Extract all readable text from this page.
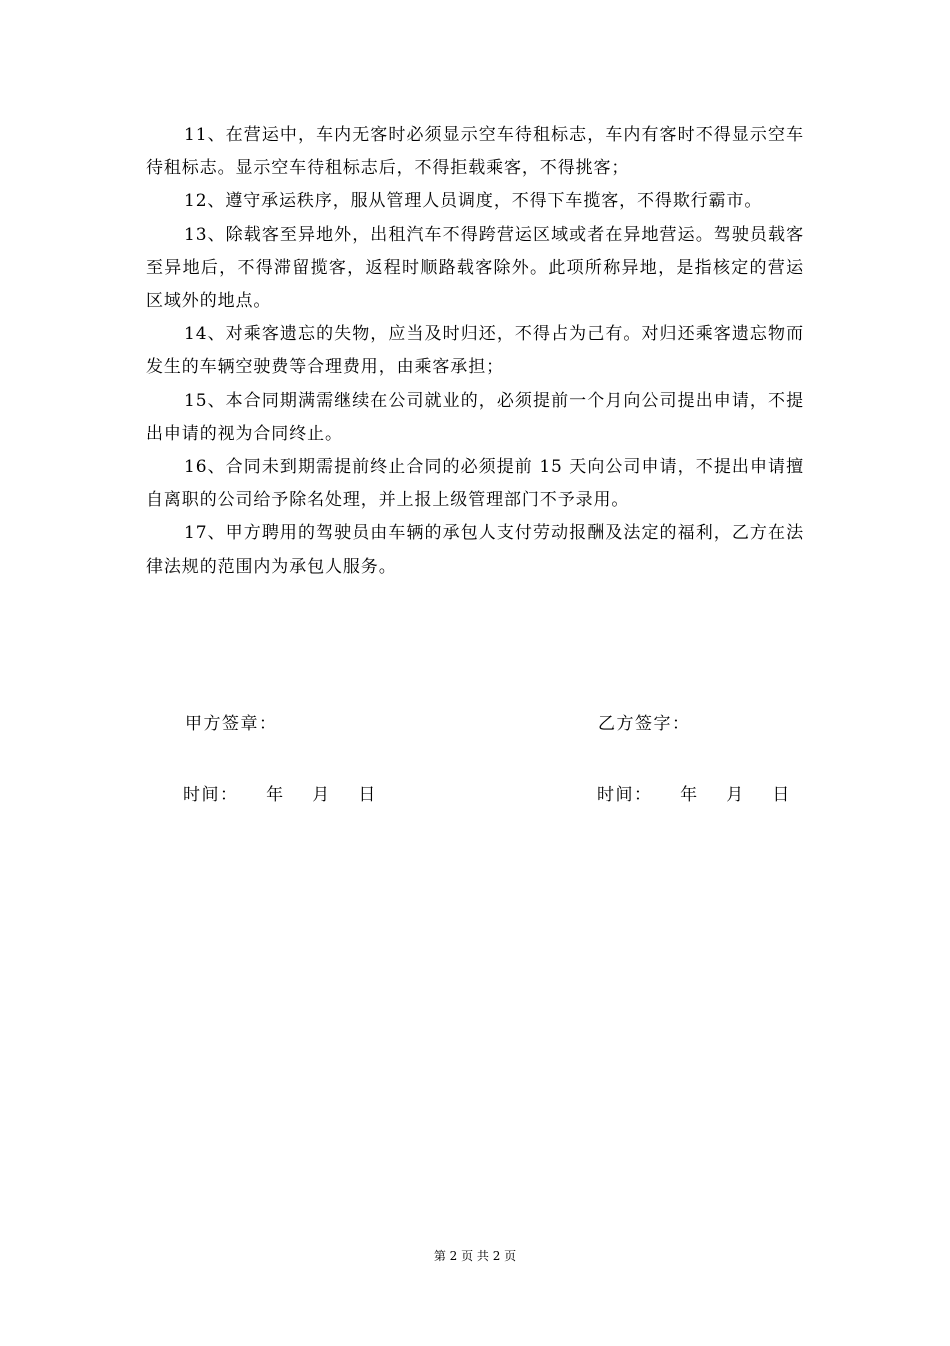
11、在营运中，车内无客时必须显示空车待租标志，车内有客时不得显示空车待租标志。显示空车待租标志后，不得拒载乘客，不得挑客；

12、遵守承运秩序，服从管理人员调度，不得下车揽客，不得欺行霸市。

13、除载客至异地外，出租汽车不得跨营运区域或者在异地营运。驾驶员载客至异地后，不得滞留揽客，返程时顺路载客除外。此项所称异地，是指核定的营运区域外的地点。

14、对乘客遗忘的失物，应当及时归还，不得占为己有。对归还乘客遗忘物而发生的车辆空驶费等合理费用，由乘客承担；

15、本合同期满需继续在公司就业的，必须提前一个月向公司提出申请，不提出申请的视为合同终止。

16、合同未到期需提前终止合同的必须提前 15 天向公司申请，不提出申请擅自离职的公司给予除名处理，并上报上级管理部门不予录用。

17、甲方聘用的驾驶员由车辆的承包人支付劳动报酬及法定的福利，乙方在法律法规的范围内为承包人服务。

甲方签章：	乙方签字：
时间：    年    月    日	时间：    年    月    日
第 2 页 共 2 页
